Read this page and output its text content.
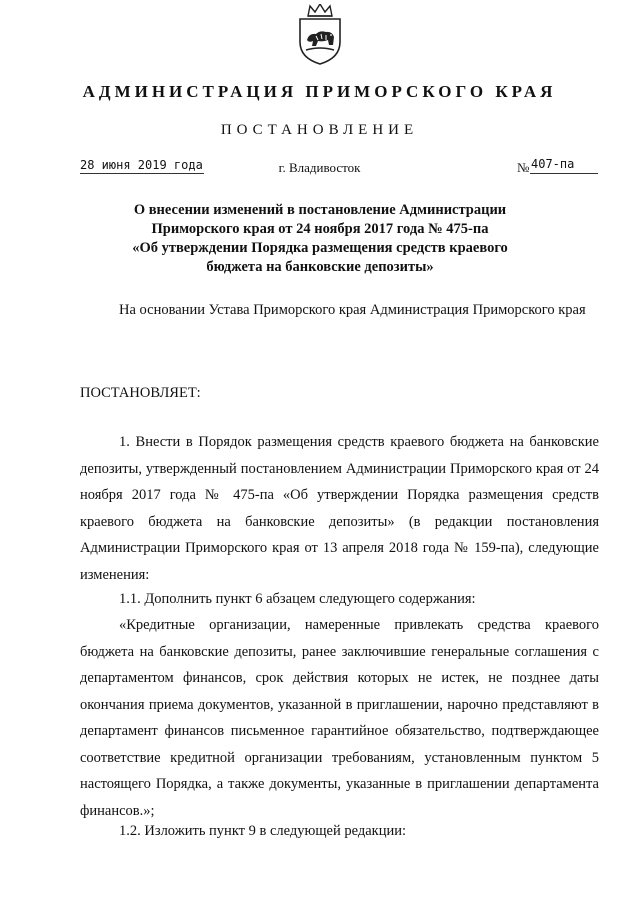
АДМИНИСТРАЦИЯ ПРИМОРСКОГО КРАЯ
ПОСТАНОВЛЕНИЕ
28 июня 2019 года	г. Владивосток	№ 407-па
О внесении изменений в постановление Администрации
Приморского края от 24 ноября 2017 года № 475-па
«Об утверждении Порядка размещения средств краевого
бюджета на банковские депозиты»
На основании Устава Приморского края Администрация Приморского края
ПОСТАНОВЛЯЕТ:
1. Внести в Порядок размещения средств краевого бюджета на банковские депозиты, утвержденный постановлением Администрации Приморского края от 24 ноября 2017 года № 475-па «Об утверждении Порядка размещения средств краевого бюджета на банковские депозиты» (в редакции постановления Администрации Приморского края от 13 апреля 2018 года № 159-па), следующие изменения:
1.1. Дополнить пункт 6 абзацем следующего содержания:
«Кредитные организации, намеренные привлекать средства краевого бюджета на банковские депозиты, ранее заключившие генеральные соглашения с департаментом финансов, срок действия которых не истек, не позднее даты окончания приема документов, указанной в приглашении, нарочно представляют в департамент финансов письменное гарантийное обязательство, подтверждающее соответствие кредитной организации требованиям, установленным пунктом 5 настоящего Порядка, а также документы, указанные в приглашении департамента финансов.»;
1.2. Изложить пункт 9 в следующей редакции:
